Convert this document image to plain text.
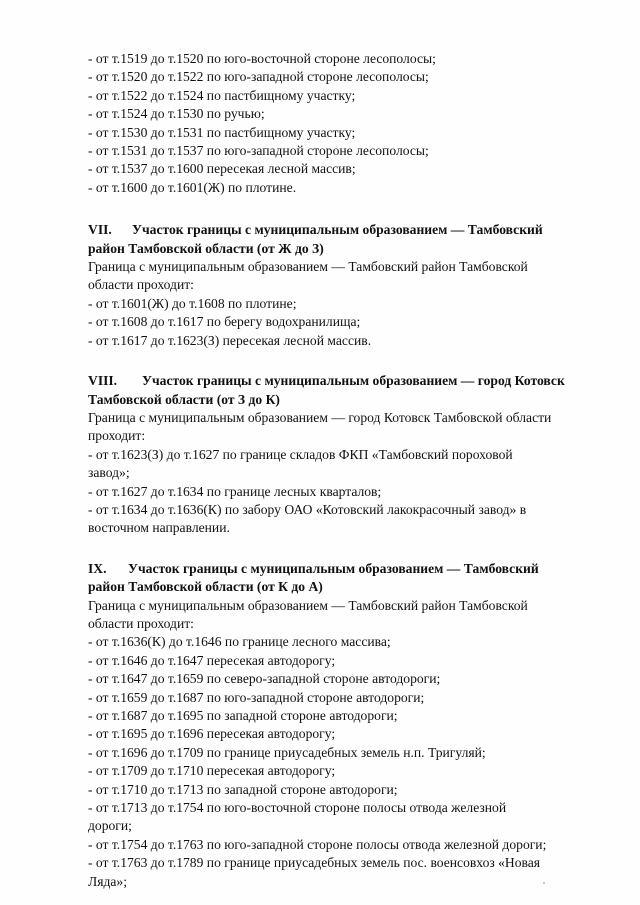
- от т.1519 до т.1520 по юго-восточной стороне лесополосы;
- от т.1520 до т.1522 по юго-западной стороне лесополосы;
- от т.1522 до т.1524 по пастбищному участку;
- от т.1524 до т.1530 по ручью;
- от т.1530 до т.1531 по пастбищному участку;
- от т.1531 до т.1537 по юго-западной стороне лесополосы;
- от т.1537 до т.1600 пересекая лесной массив;
- от т.1600 до т.1601(Ж) по плотине.
VII. Участок границы с муниципальным образованием — Тамбовский
район Тамбовской области (от Ж до З)
Граница с муниципальным образованием — Тамбовский район Тамбовской
области проходит:
- от т.1601(Ж) до т.1608 по плотине;
- от т.1608 до т.1617 по берегу водохранилища;
- от т.1617 до т.1623(З) пересекая лесной массив.
VIII. Участок границы с муниципальным образованием — город Котовск
Тамбовской области (от З до К)
Граница с муниципальным образованием — город Котовск Тамбовской области
проходит:
- от т.1623(З) до т.1627 по границе складов ФКП «Тамбовский пороховой
завод»;
- от т.1627 до т.1634 по границе лесных кварталов;
- от т.1634 до т.1636(К) по забору ОАО «Котовский лакокрасочный завод» в
восточном направлении.
IX. Участок границы с муниципальным образованием — Тамбовский
район Тамбовской области (от К до А)
Граница с муниципальным образованием — Тамбовский район Тамбовской
области проходит:
- от т.1636(К) до т.1646 по границе лесного массива;
- от т.1646 до т.1647 пересекая автодорогу;
- от т.1647 до т.1659 по северо-западной стороне автодороги;
- от т.1659 до т.1687 по юго-западной стороне автодороги;
- от т.1687 до т.1695 по западной стороне автодороги;
- от т.1695 до т.1696 пересекая автодорогу;
- от т.1696 до т.1709 по границе приусадебных земель н.п. Тригуляй;
- от т.1709 до т.1710 пересекая автодорогу;
- от т.1710 до т.1713 по западной стороне автодороги;
- от т.1713 до т.1754 по юго-восточной стороне полосы отвода железной
дороги;
- от т.1754 до т.1763 по юго-западной стороне полосы отвода железной дороги;
- от т.1763 до т.1789 по границе приусадебных земель пос. военсовхоз «Новая
Ляда»;
